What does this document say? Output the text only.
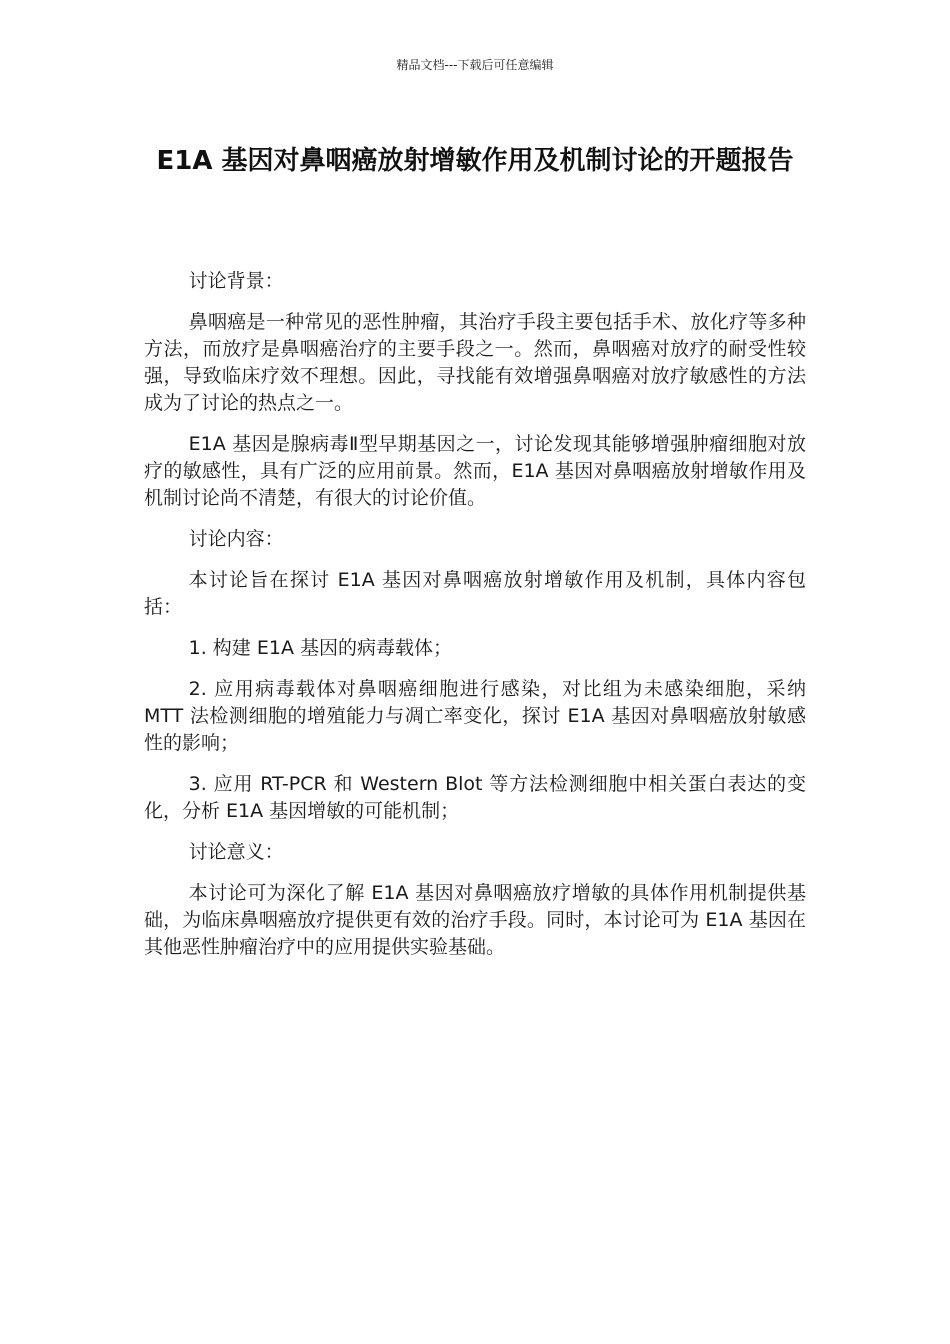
精品文档---下载后可任意编辑
E1A 基因对鼻咽癌放射增敏作用及机制讨论的开题报告

讨论背景：

鼻咽癌是一种常见的恶性肿瘤，其治疗手段主要包括手术、放化疗等多种方法，而放疗是鼻咽癌治疗的主要手段之一。然而，鼻咽癌对放疗的耐受性较强，导致临床疗效不理想。因此，寻找能有效增强鼻咽癌对放疗敏感性的方法成为了讨论的热点之一。

E1A 基因是腺病毒Ⅱ型早期基因之一，讨论发现其能够增强肿瘤细胞对放疗的敏感性，具有广泛的应用前景。然而，E1A 基因对鼻咽癌放射增敏作用及机制讨论尚不清楚，有很大的讨论价值。

讨论内容：

本讨论旨在探讨 E1A 基因对鼻咽癌放射增敏作用及机制，具体内容包括：

1. 构建 E1A 基因的病毒载体；

2. 应用病毒载体对鼻咽癌细胞进行感染，对比组为未感染细胞，采纳 MTT 法检测细胞的增殖能力与凋亡率变化，探讨 E1A 基因对鼻咽癌放射敏感性的影响；

3. 应用 RT-PCR 和 Western Blot 等方法检测细胞中相关蛋白表达的变化，分析 E1A 基因增敏的可能机制；

讨论意义：

本讨论可为深化了解 E1A 基因对鼻咽癌放疗增敏的具体作用机制提供基础，为临床鼻咽癌放疗提供更有效的治疗手段。同时，本讨论可为 E1A 基因在其他恶性肿瘤治疗中的应用提供实验基础。
